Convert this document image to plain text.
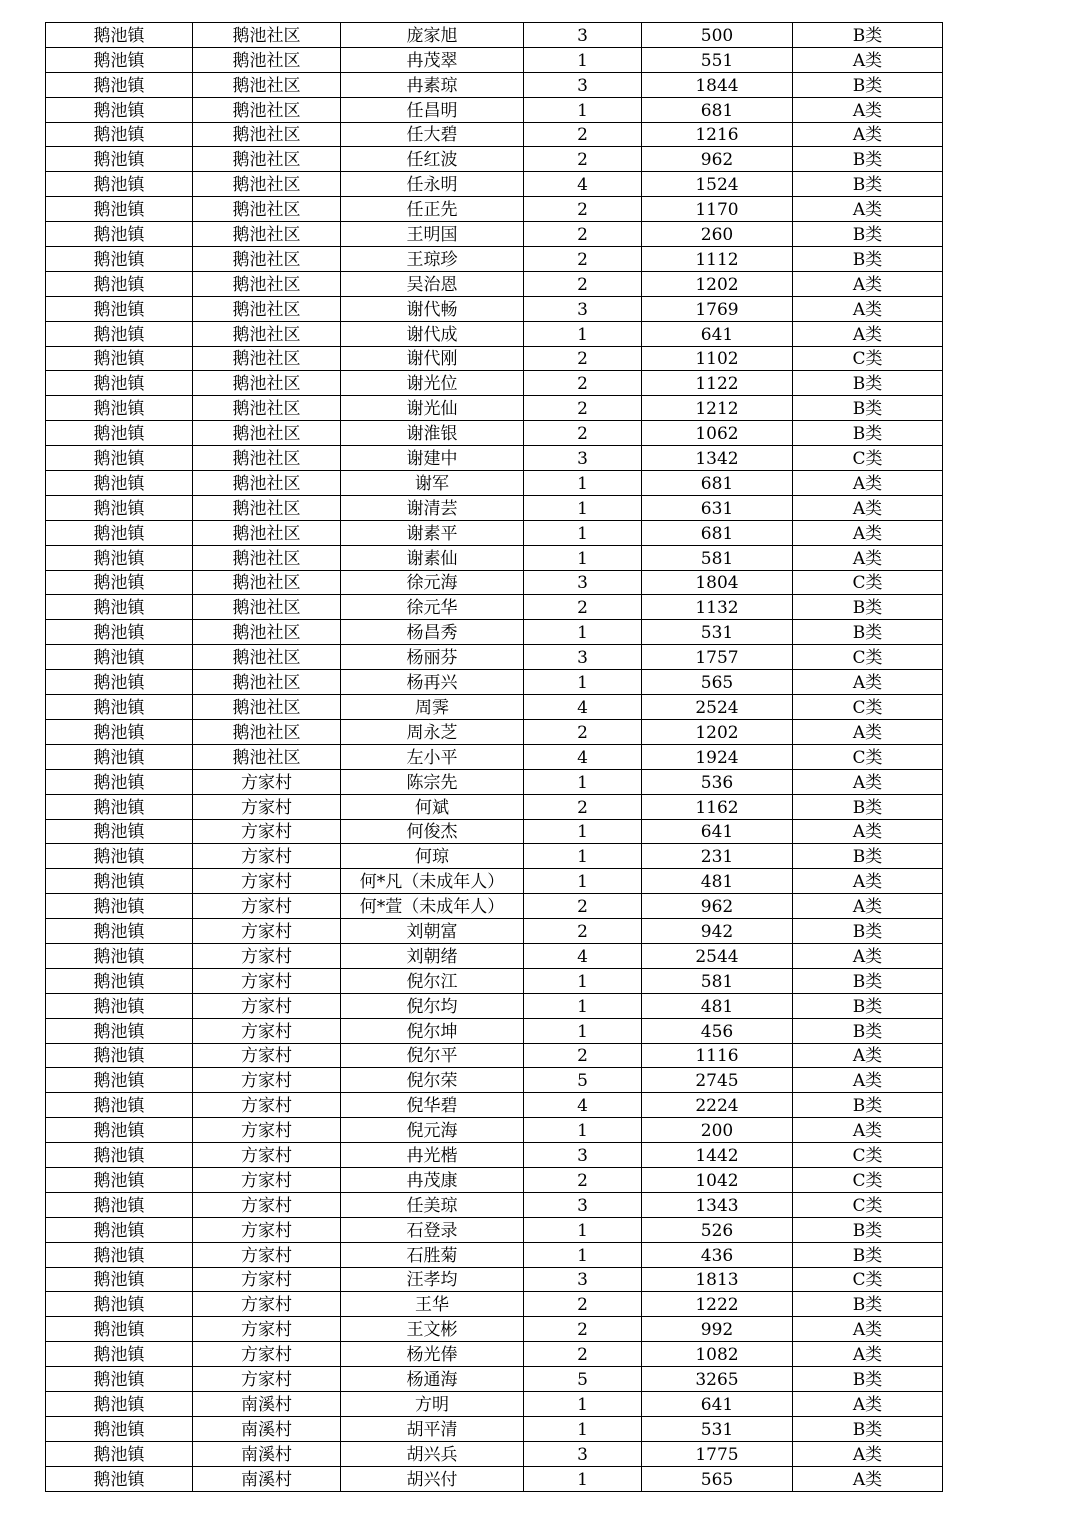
鹅池镇	鹅池社区	庞家旭	3	500	B类
鹅池镇	鹅池社区	冉茂翠	1	551	A类
鹅池镇	鹅池社区	冉素琼	3	1844	B类
鹅池镇	鹅池社区	任昌明	1	681	A类
鹅池镇	鹅池社区	任大碧	2	1216	A类
鹅池镇	鹅池社区	任红波	2	962	B类
鹅池镇	鹅池社区	任永明	4	1524	B类
鹅池镇	鹅池社区	任正先	2	1170	A类
鹅池镇	鹅池社区	王明国	2	260	B类
鹅池镇	鹅池社区	王琼珍	2	1112	B类
鹅池镇	鹅池社区	吴治恩	2	1202	A类
鹅池镇	鹅池社区	谢代畅	3	1769	A类
鹅池镇	鹅池社区	谢代成	1	641	A类
鹅池镇	鹅池社区	谢代刚	2	1102	C类
鹅池镇	鹅池社区	谢光位	2	1122	B类
鹅池镇	鹅池社区	谢光仙	2	1212	B类
鹅池镇	鹅池社区	谢淮银	2	1062	B类
鹅池镇	鹅池社区	谢建中	3	1342	C类
鹅池镇	鹅池社区	谢军	1	681	A类
鹅池镇	鹅池社区	谢清芸	1	631	A类
鹅池镇	鹅池社区	谢素平	1	681	A类
鹅池镇	鹅池社区	谢素仙	1	581	A类
鹅池镇	鹅池社区	徐元海	3	1804	C类
鹅池镇	鹅池社区	徐元华	2	1132	B类
鹅池镇	鹅池社区	杨昌秀	1	531	B类
鹅池镇	鹅池社区	杨丽芬	3	1757	C类
鹅池镇	鹅池社区	杨再兴	1	565	A类
鹅池镇	鹅池社区	周霁	4	2524	C类
鹅池镇	鹅池社区	周永芝	2	1202	A类
鹅池镇	鹅池社区	左小平	4	1924	C类
鹅池镇	方家村	陈宗先	1	536	A类
鹅池镇	方家村	何斌	2	1162	B类
鹅池镇	方家村	何俊杰	1	641	A类
鹅池镇	方家村	何琼	1	231	B类
鹅池镇	方家村	何*凡（未成年人）	1	481	A类
鹅池镇	方家村	何*萱（未成年人）	2	962	A类
鹅池镇	方家村	刘朝富	2	942	B类
鹅池镇	方家村	刘朝绪	4	2544	A类
鹅池镇	方家村	倪尔江	1	581	B类
鹅池镇	方家村	倪尔均	1	481	B类
鹅池镇	方家村	倪尔坤	1	456	B类
鹅池镇	方家村	倪尔平	2	1116	A类
鹅池镇	方家村	倪尔荣	5	2745	A类
鹅池镇	方家村	倪华碧	4	2224	B类
鹅池镇	方家村	倪元海	1	200	A类
鹅池镇	方家村	冉光楷	3	1442	C类
鹅池镇	方家村	冉茂康	2	1042	C类
鹅池镇	方家村	任美琼	3	1343	C类
鹅池镇	方家村	石登录	1	526	B类
鹅池镇	方家村	石胜菊	1	436	B类
鹅池镇	方家村	汪孝均	3	1813	C类
鹅池镇	方家村	王华	2	1222	B类
鹅池镇	方家村	王文彬	2	992	A类
鹅池镇	方家村	杨光俸	2	1082	A类
鹅池镇	方家村	杨通海	5	3265	B类
鹅池镇	南溪村	方明	1	641	A类
鹅池镇	南溪村	胡平清	1	531	B类
鹅池镇	南溪村	胡兴兵	3	1775	A类
鹅池镇	南溪村	胡兴付	1	565	A类
